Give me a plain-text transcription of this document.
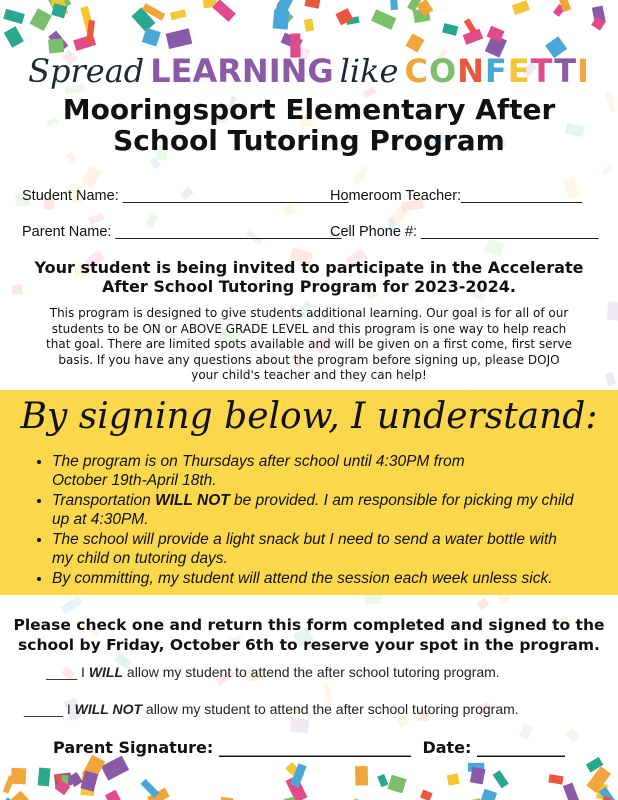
Spread LEARNING like CONFETTI
Mooringsport Elementary After
School Tutoring Program
Student Name: ____________________________
Homeroom Teacher:_______________
Parent Name: ____________________________
Cell Phone #: ______________________
Your student is being invited to participate in the Accelerate
After School Tutoring Program for 2023-2024.
This program is designed to give students additional learning. Our goal is for all of our
students to be ON or ABOVE GRADE LEVEL and this program is one way to help reach
that goal. There are limited spots available and will be given on a first come, first serve
basis. If you have any questions about the program before signing up, please DOJO
your child's teacher and they can help!
By signing below, I understand:
• The program is on Thursdays after school until 4:30PM from
October 19th-April 18th.
• Transportation WILL NOT be provided. I am responsible for picking my child
up at 4:30PM.
• The school will provide a light snack but I need to send a water bottle with
my child on tutoring days.
• By committing, my student will attend the session each week unless sick.
Please check one and return this form completed and signed to the
school by Friday, October 6th to reserve your spot in the program.
____ I WILL allow my student to attend the after school tutoring program.
_____ I WILL NOT allow my student to attend the after school tutoring program.
Parent Signature: ________________________ Date: ___________
